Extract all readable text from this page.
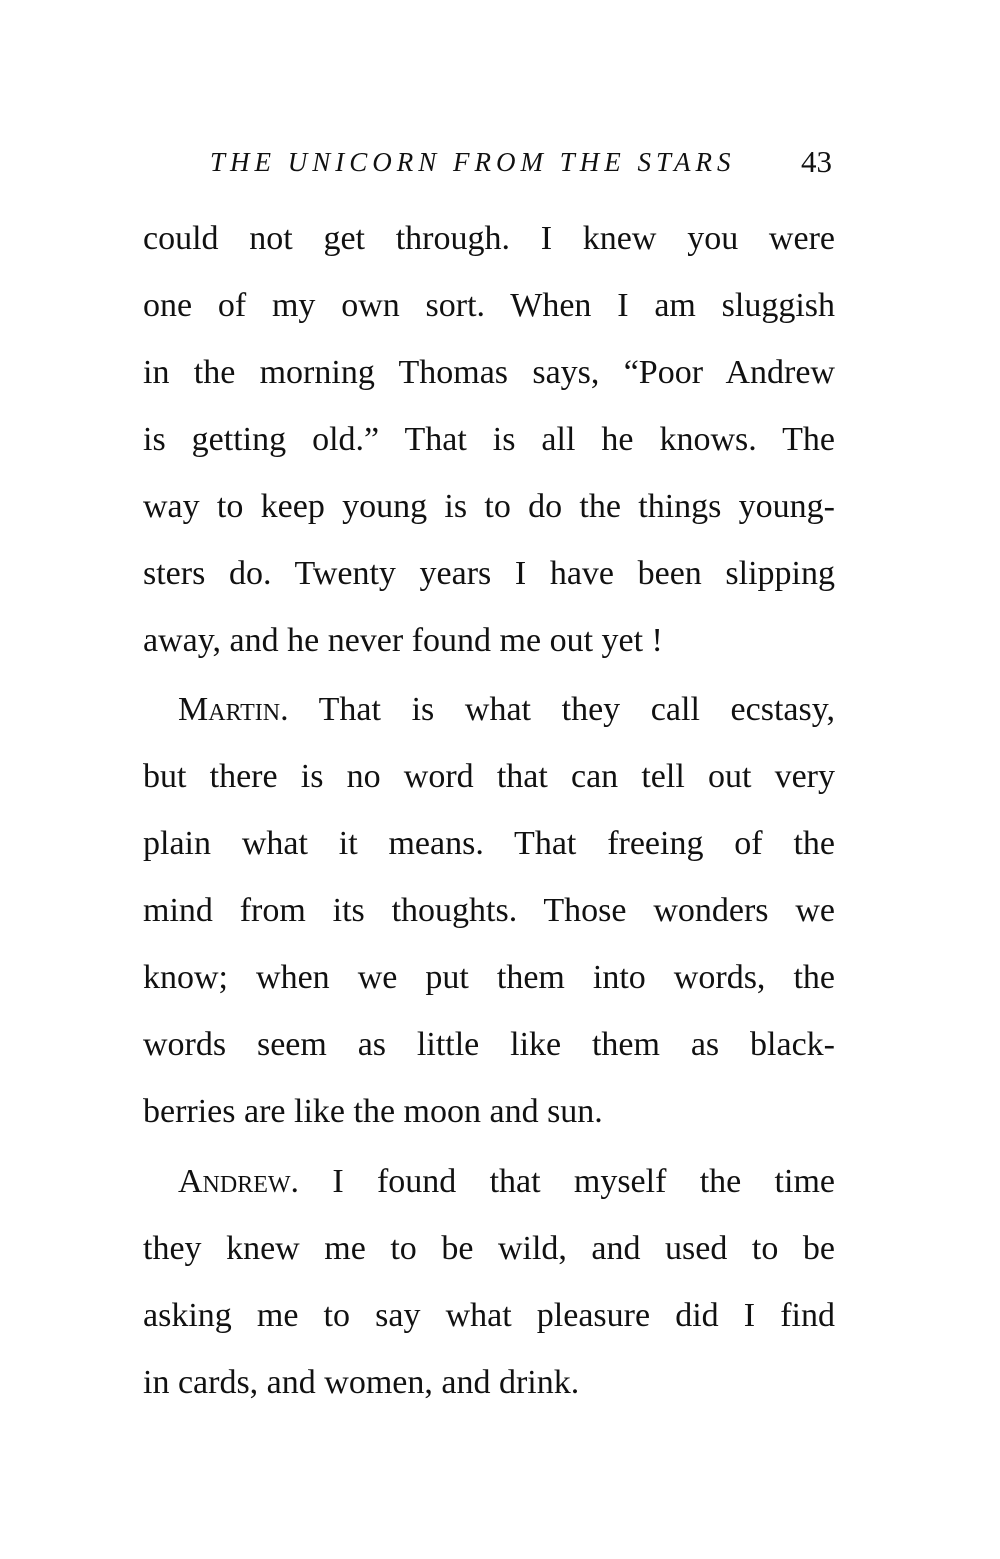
THE UNICORN FROM THE STARS 43
could not get through. I knew you were
one of my own sort. When I am sluggish
in the morning Thomas says, “Poor Andrew
is getting old.” That is all he knows. The
way to keep young is to do the things young-
sters do. Twenty years I have been slipping
away, and he never found me out yet !
Martin. That is what they call ecstasy,
but there is no word that can tell out very
plain what it means. That freeing of the
mind from its thoughts. Those wonders we
know; when we put them into words, the
words seem as little like them as black-
berries are like the moon and sun.
Andrew. I found that myself the time
they knew me to be wild, and used to be
asking me to say what pleasure did I find
in cards, and women, and drink.
